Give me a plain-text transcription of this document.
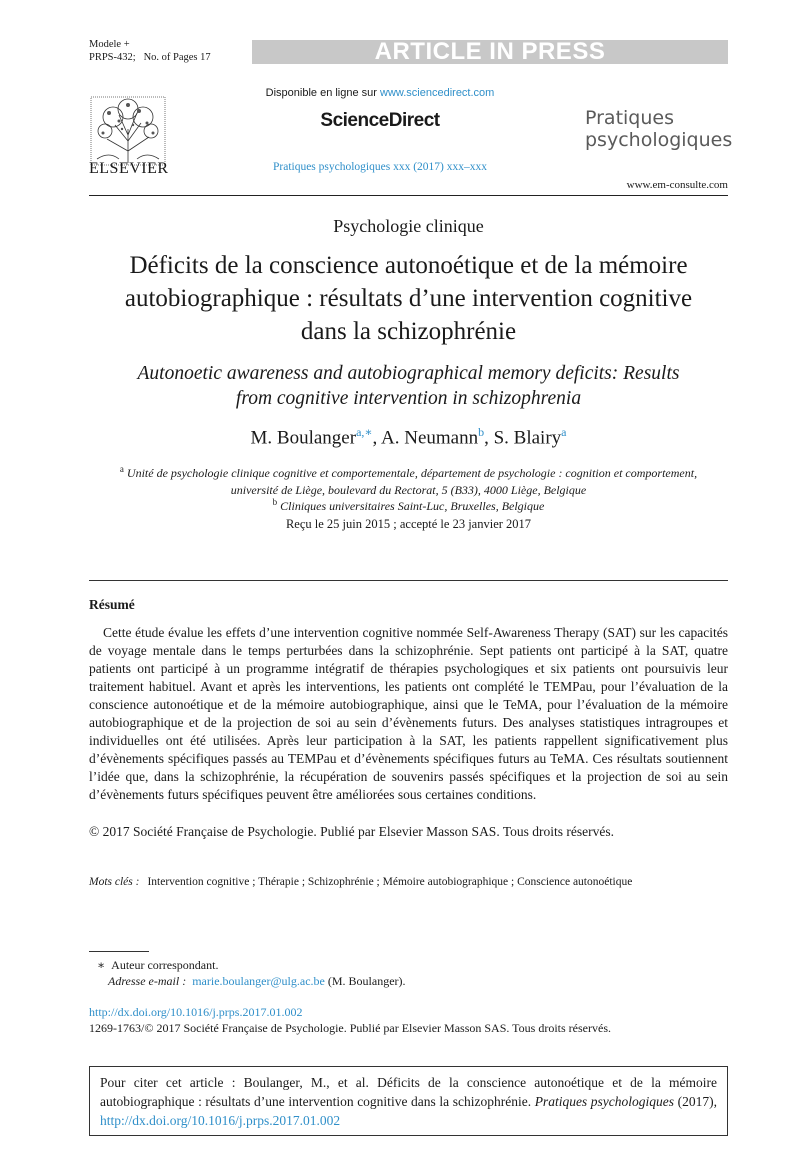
Modele +
PRPS-432; No. of Pages 17	ARTICLE IN PRESS
ELSEVIER
Disponible en ligne sur www.sciencedirect.com
ScienceDirect
Pratiques psychologiques xxx (2017) xxx–xxx
Pratiques
psychologiques
www.em-consulte.com
Psychologie clinique
Déficits de la conscience autonoétique et de la mémoire
autobiographique : résultats d’une intervention cognitive
dans la schizophrénie
Autonoetic awareness and autobiographical memory deficits: Results
from cognitive intervention in schizophrenia
M. Boulanger$^{a,∗}$, A. Neumann$^b$, S. Blairy$^a$
$^a$ Unité de psychologie clinique cognitive et comportementale, département de psychologie : cognition et comportement,
université de Liège, boulevard du Rectorat, 5 (B33), 4000 Liège, Belgique
$^b$ Cliniques universitaires Saint-Luc, Bruxelles, Belgique
Reçu le 25 juin 2015 ; accepté le 23 janvier 2017
Résumé
Cette étude évalue les effets d’une intervention cognitive nommée Self-Awareness Therapy (SAT) sur les capacités de voyage mentale dans le temps perturbées dans la schizophrénie. Sept patients ont participé à la SAT, quatre patients ont participé à un programme intégratif de thérapies psychologiques et six patients ont poursuivis leur traitement habituel. Avant et après les interventions, les patients ont complété le TEMPau, pour l’évaluation de la conscience autonoétique et de la mémoire autobiographique, ainsi que le TeMA, pour l’évaluation de la mémoire autobiographique et de la projection de soi au sein d’évènements futurs. Des analyses statistiques intragroupes et individuelles ont été utilisées. Après leur participation à la SAT, les patients rappellent significativement plus d’évènements spécifiques passés au TEMPau et d’évènements spécifiques futurs au TeMA. Ces résultats soutiennent l’idée que, dans la schizophrénie, la récupération de souvenirs passés spécifiques et la projection de soi au sein d’évènements futurs spécifiques peuvent être améliorées sous certaines conditions.
© 2017 Société Française de Psychologie. Publié par Elsevier Masson SAS. Tous droits réservés.
Mots clés : Intervention cognitive ; Thérapie ; Schizophrénie ; Mémoire autobiographique ; Conscience autonoétique
∗ Auteur correspondant.
Adresse e-mail : marie.boulanger@ulg.ac.be (M. Boulanger).
http://dx.doi.org/10.1016/j.prps.2017.01.002
1269-1763/© 2017 Société Française de Psychologie. Publié par Elsevier Masson SAS. Tous droits réservés.
Pour citer cet article : Boulanger, M., et al. Déficits de la conscience autonoétique et de la mémoire autobiographique : résultats d’une intervention cognitive dans la schizophrénie. Pratiques psychologiques (2017), http://dx.doi.org/10.1016/j.prps.2017.01.002
